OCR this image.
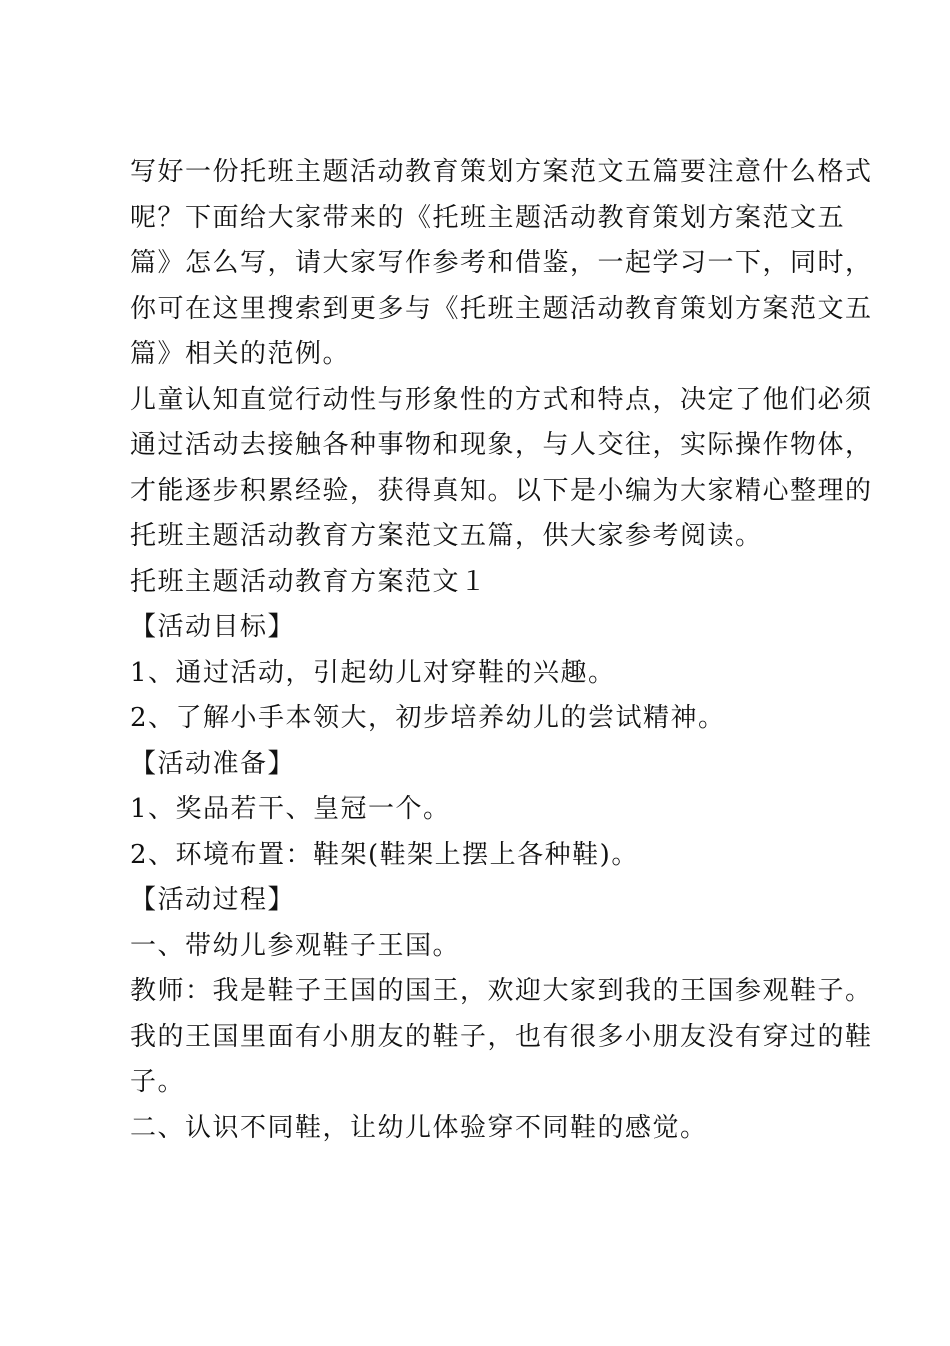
写好一份托班主题活动教育策划方案范文五篇要注意什么格式
呢？下面给大家带来的《托班主题活动教育策划方案范文五
篇》怎么写，请大家写作参考和借鉴，一起学习一下，同时，
你可在这里搜索到更多与《托班主题活动教育策划方案范文五
篇》相关的范例。

儿童认知直觉行动性与形象性的方式和特点，决定了他们必须
通过活动去接触各种事物和现象，与人交往，实际操作物体，
才能逐步积累经验，获得真知。以下是小编为大家精心整理的
托班主题活动教育方案范文五篇，供大家参考阅读。

托班主题活动教育方案范文１

【活动目标】

1、通过活动，引起幼儿对穿鞋的兴趣。

2、了解小手本领大，初步培养幼儿的尝试精神。

【活动准备】

1、奖品若干、皇冠一个。

2、环境布置：鞋架(鞋架上摆上各种鞋)。

【活动过程】

一、带幼儿参观鞋子王国。

教师：我是鞋子王国的国王，欢迎大家到我的王国参观鞋子。
我的王国里面有小朋友的鞋子，也有很多小朋友没有穿过的鞋
子。

二、认识不同鞋，让幼儿体验穿不同鞋的感觉。
